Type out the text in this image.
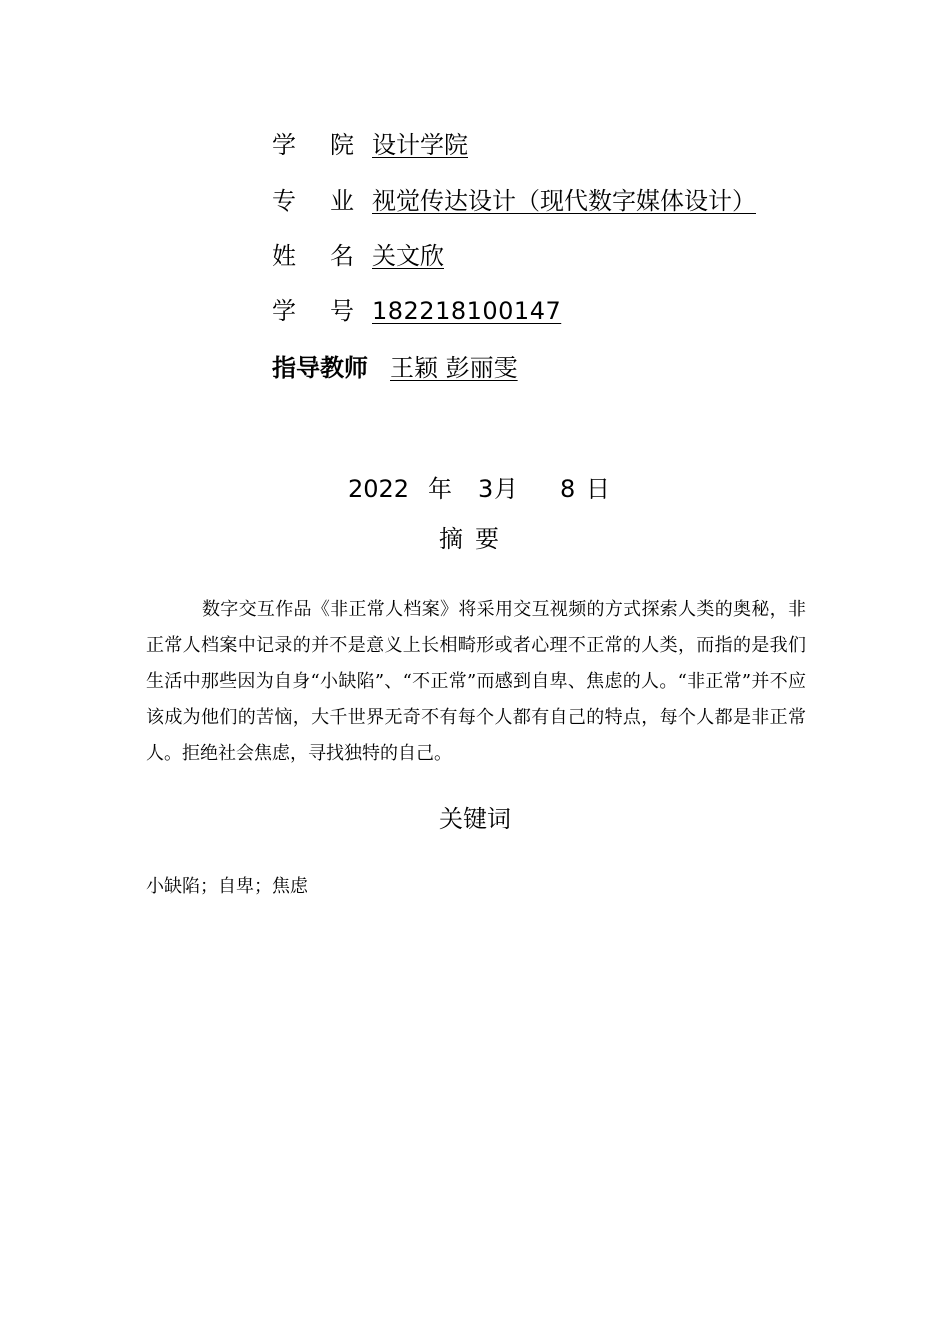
学 院 设计学院
专 业 视觉传达设计（现代数字媒体设计）
姓 名 关文欣
学 号 182218100147
指导教师 王颖 彭丽雯
2022 年 3 月 8 日
摘要

数字交互作品《非正常人档案》将采用交互视频的方式探索人类的奥秘，非正常人档案中记录的并不是意义上长相畸形或者心理不正常的人类，而指的是我们生活中那些因为自身“小缺陷”、“不正常”而感到自卑、焦虑的人。“非正常”并不应该成为他们的苦恼，大千世界无奇不有每个人都有自己的特点，每个人都是非正常人。拒绝社会焦虑，寻找独特的自己。

关键词
小缺陷；自卑；焦虑
